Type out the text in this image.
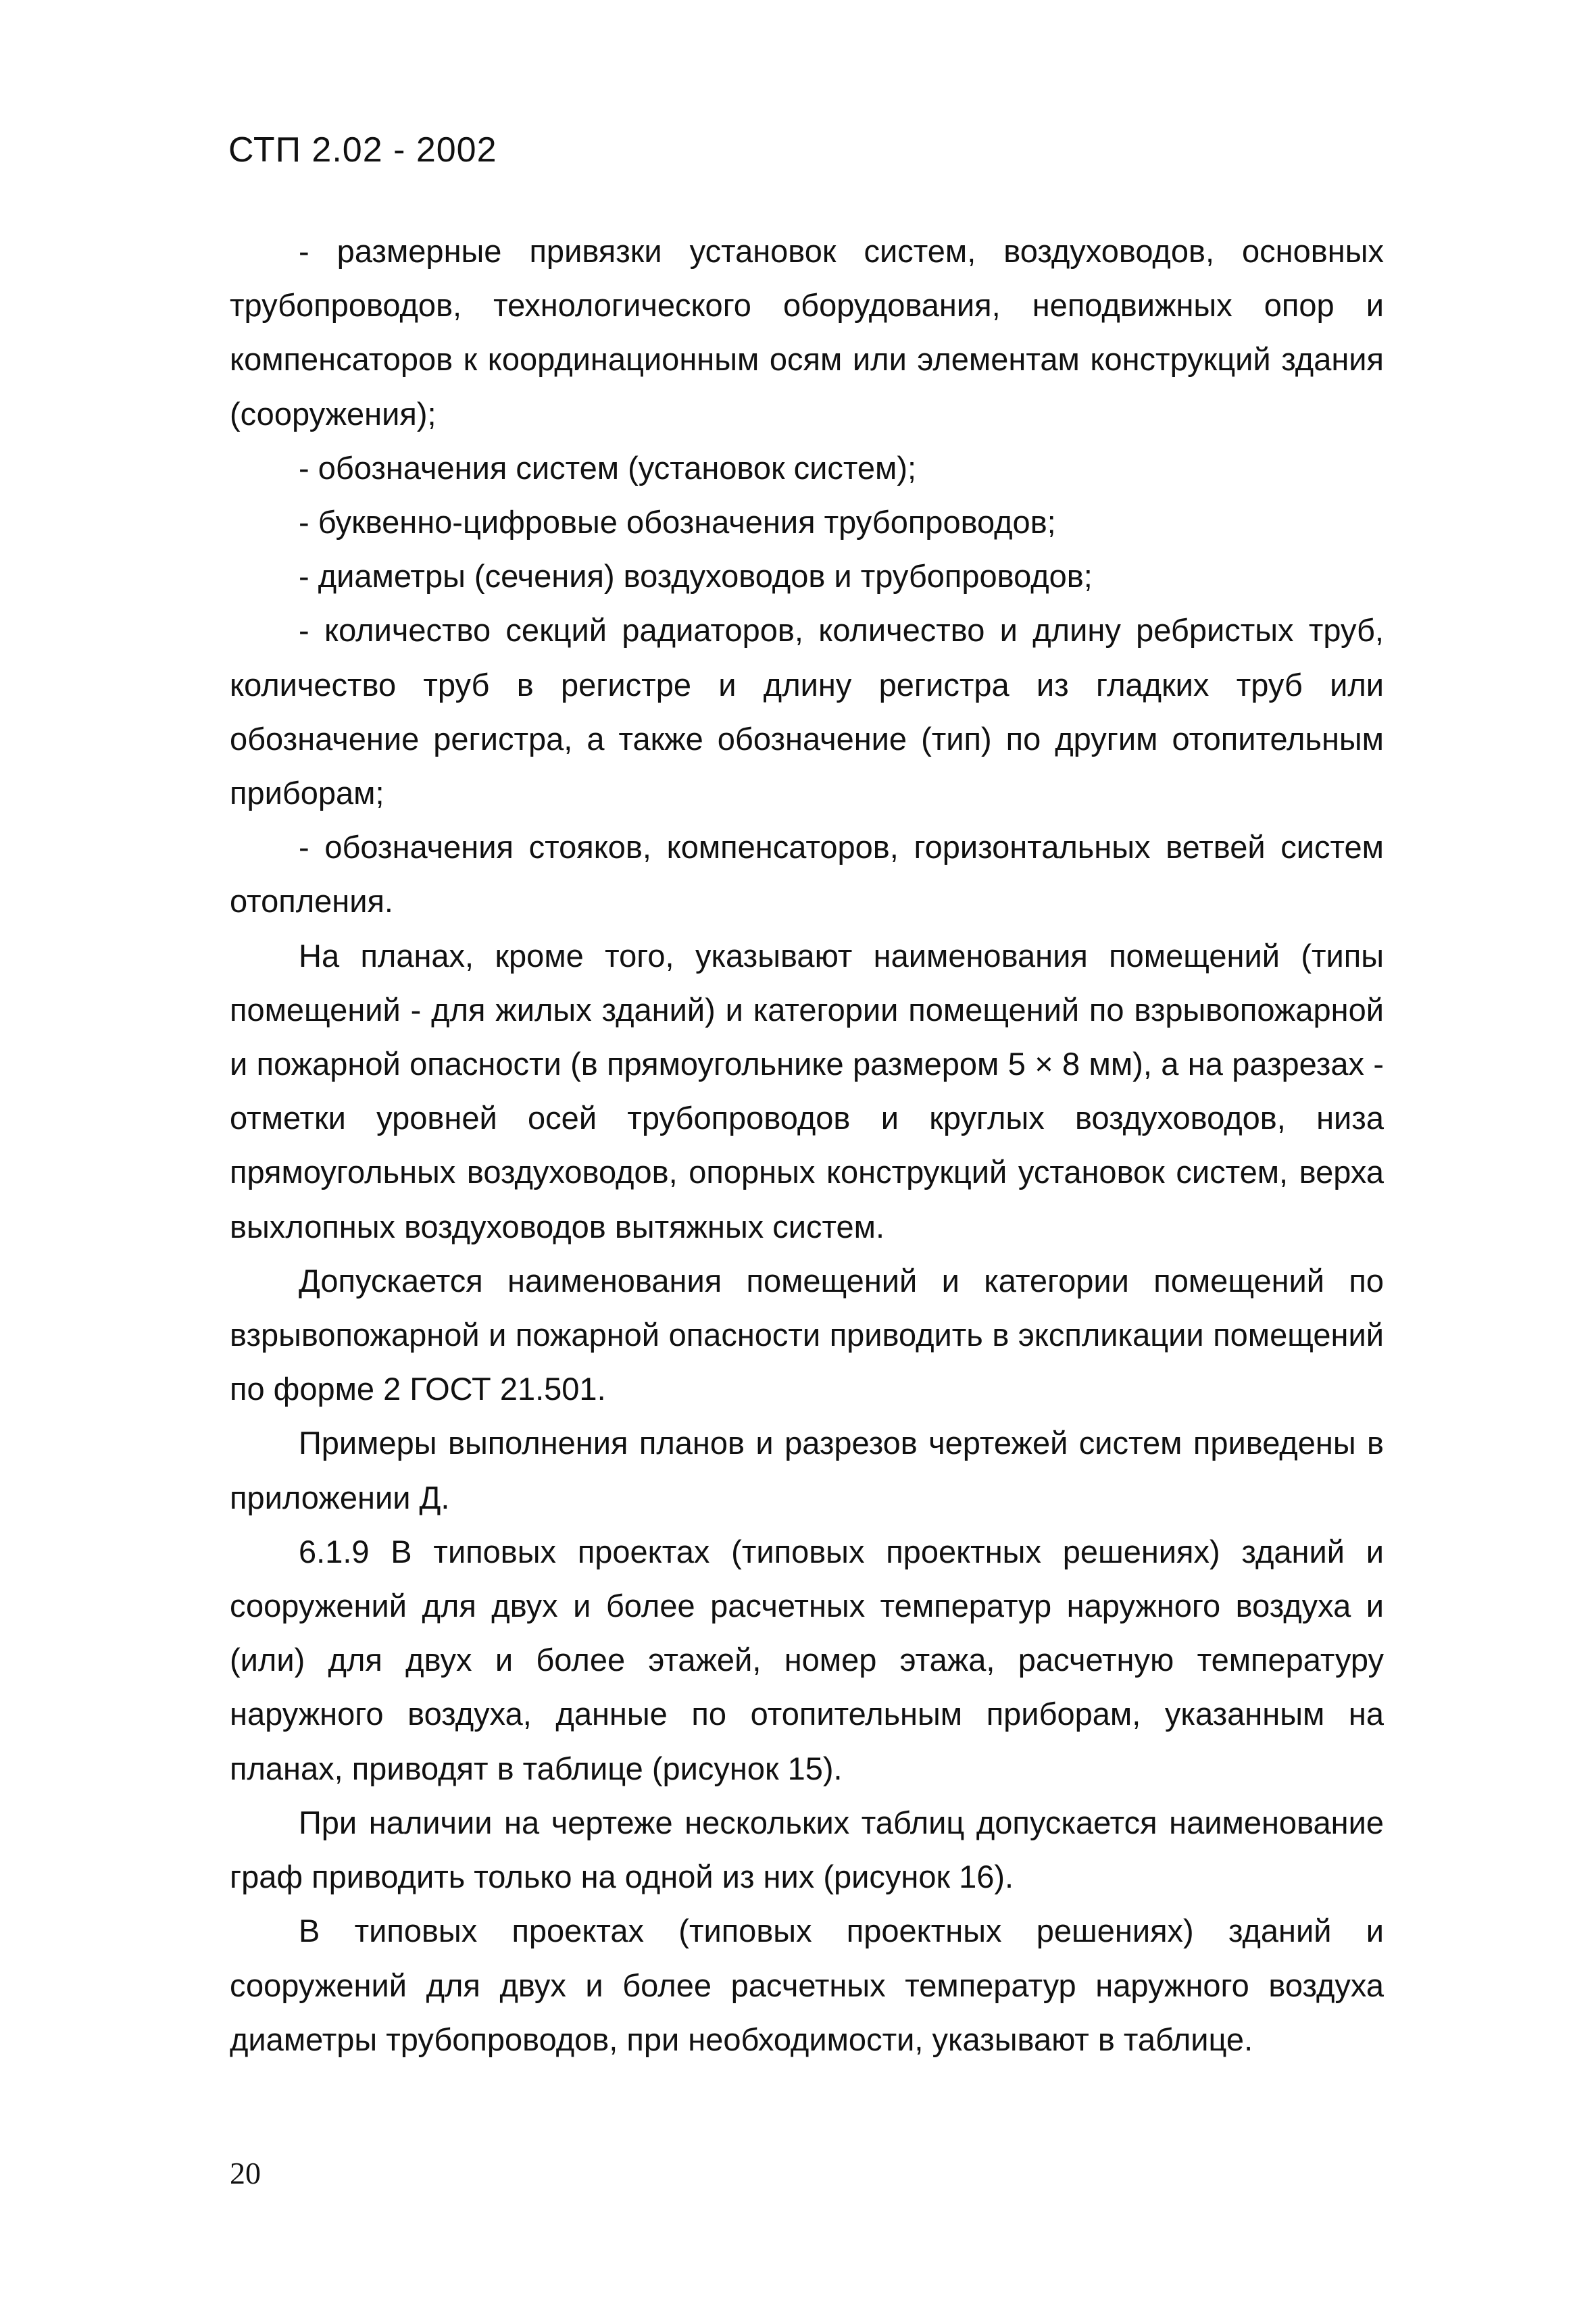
СТП 2.02 - 2002

- размерные привязки установок систем, воздуховодов, основных трубопроводов, технологического оборудования, неподвижных опор и компенсаторов к координационным осям или элементам конструкций здания (сооружения);

- обозначения систем (установок систем);

- буквенно-цифровые обозначения трубопроводов;

- диаметры (сечения) воздуховодов и трубопроводов;

- количество секций радиаторов, количество и длину ребристых труб, количество труб в регистре и длину регистра из гладких труб или обозначение регистра, а также обозначение (тип) по другим отопительным приборам;

- обозначения стояков, компенсаторов, горизонтальных ветвей систем отопления.

На планах, кроме того, указывают наименования помещений (типы помещений - для жилых зданий) и категории помещений по взрывопожарной и пожарной опасности (в прямоугольнике размером 5 × 8 мм), а на разрезах - отметки уровней осей трубопроводов и круглых воздуховодов, низа прямоугольных воздуховодов, опорных конструкций установок систем, верха выхлопных воздуховодов вытяжных систем.

Допускается наименования помещений и категории помещений по взрывопожарной и пожарной опасности приводить в экспликации помещений по форме 2 ГОСТ 21.501.

Примеры выполнения планов и разрезов чертежей систем приведены в приложении Д.

6.1.9 В типовых проектах (типовых проектных решениях) зданий и сооружений для двух и более расчетных температур наружного воздуха и (или) для двух и более этажей, номер этажа, расчетную температуру наружного воздуха, данные по отопительным приборам, указанным на планах, приводят в таблице (рисунок 15).

При наличии на чертеже нескольких таблиц допускается наименование граф приводить только на одной из них (рисунок 16).

В типовых проектах (типовых проектных решениях) зданий и сооружений для двух и более расчетных температур наружного воздуха диаметры трубопроводов, при необходимости, указывают в таблице.

20
